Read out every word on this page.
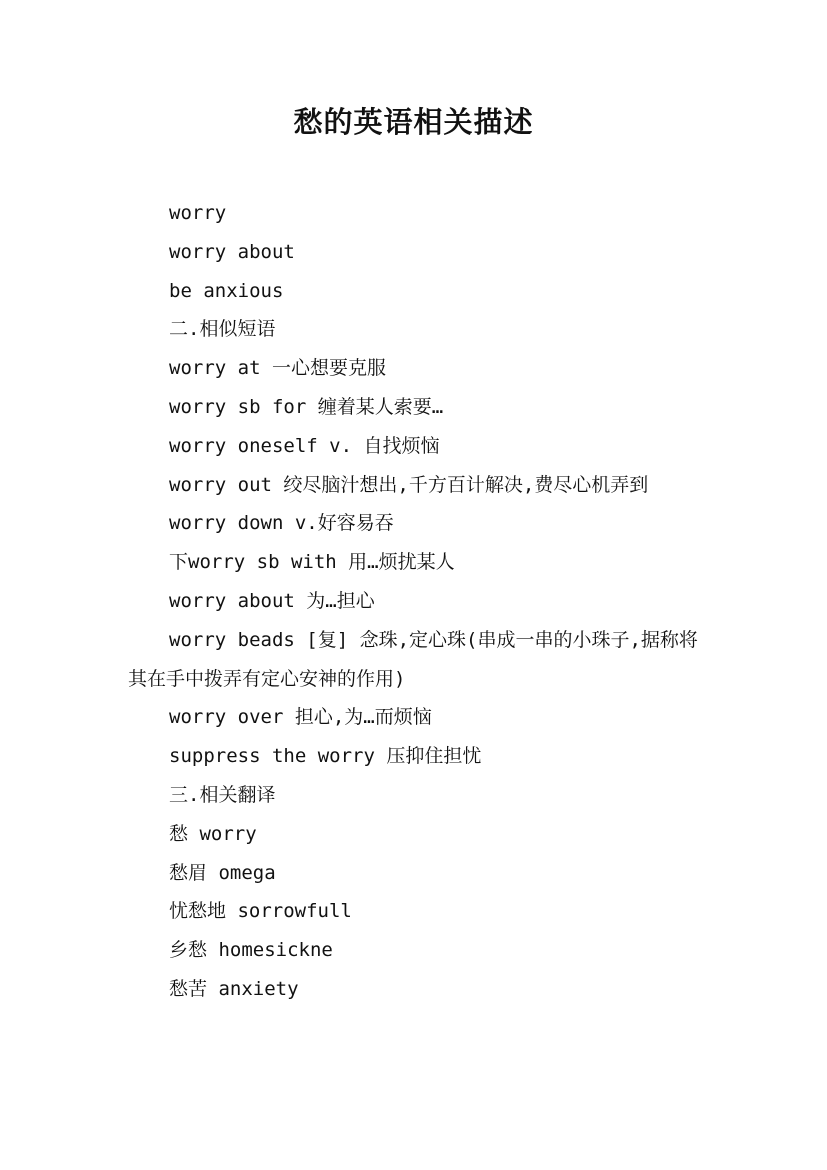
愁的英语相关描述

worry

worry about

be anxious

二.相似短语

worry at 一心想要克服

worry sb for 缠着某人索要…

worry oneself v. 自找烦恼

worry out 绞尽脑汁想出,千方百计解决,费尽心机弄到

worry down v.好容易吞

下worry sb with 用…烦扰某人

worry about 为…担心

worry beads [复] 念珠,定心珠(串成一串的小珠子,据称将其在手中拨弄有定心安神的作用)

worry over 担心,为…而烦恼

suppress the worry 压抑住担忧

三.相关翻译

愁 worry

愁眉 omega

忧愁地 sorrowfull

乡愁 homesickne

愁苦 anxiety
